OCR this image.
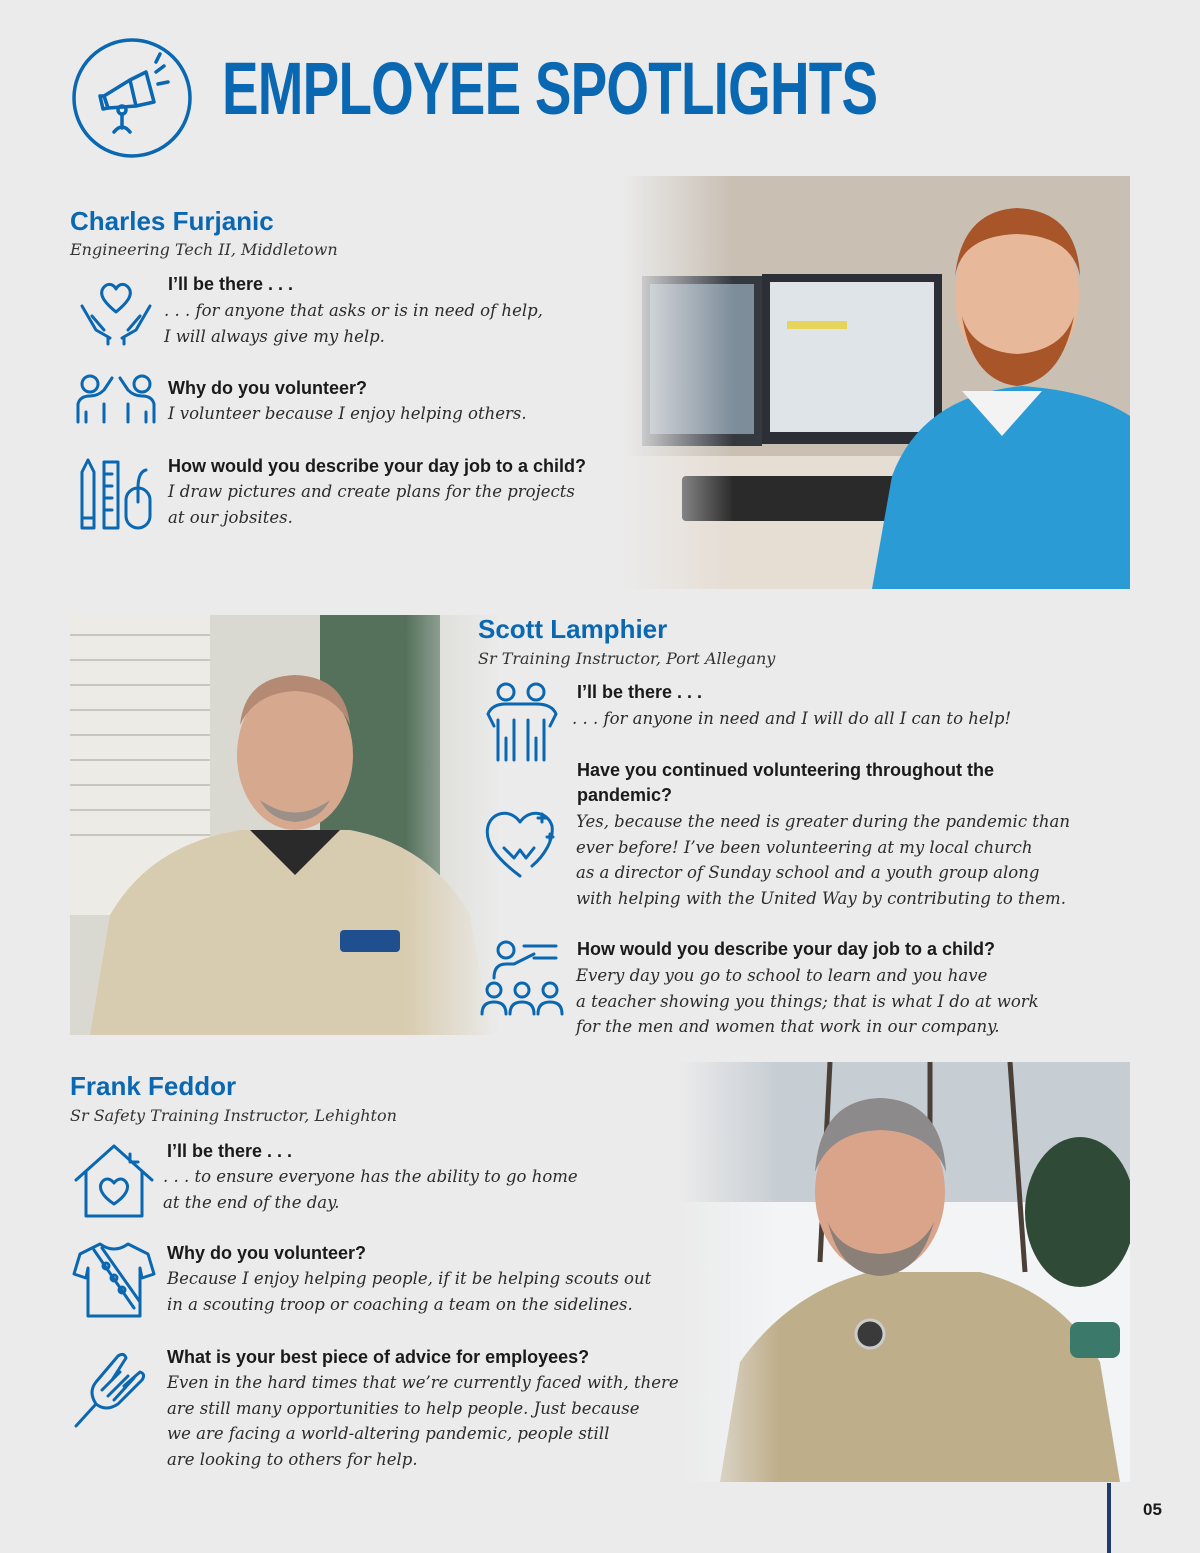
EMPLOYEE SPOTLIGHTS
Charles Furjanic
Engineering Tech II, Middletown
I’ll be there . . .
. . . for anyone that asks or is in need of help,
I will always give my help.
Why do you volunteer?
I volunteer because I enjoy helping others.
How would you describe your day job to a child?
I draw pictures and create plans for the projects
at our jobsites.
Scott Lamphier
Sr Training Instructor, Port Allegany
I’ll be there . . .
. . . for anyone in need and I will do all I can to help!
Have you continued volunteering throughout the pandemic?
Yes, because the need is greater during the pandemic than
ever before! I’ve been volunteering at my local church
as a director of Sunday school and a youth group along
with helping with the United Way by contributing to them.
How would you describe your day job to a child?
Every day you go to school to learn and you have
a teacher showing you things; that is what I do at work
for the men and women that work in our company.
Frank Feddor
Sr Safety Training Instructor, Lehighton
I’ll be there . . .
. . . to ensure everyone has the ability to go home
at the end of the day.
Why do you volunteer?
Because I enjoy helping people, if it be helping scouts out
in a scouting troop or coaching a team on the sidelines.
What is your best piece of advice for employees?
Even in the hard times that we’re currently faced with, there
are still many opportunities to help people. Just because
we are facing a world-altering pandemic, people still
are looking to others for help.
05
